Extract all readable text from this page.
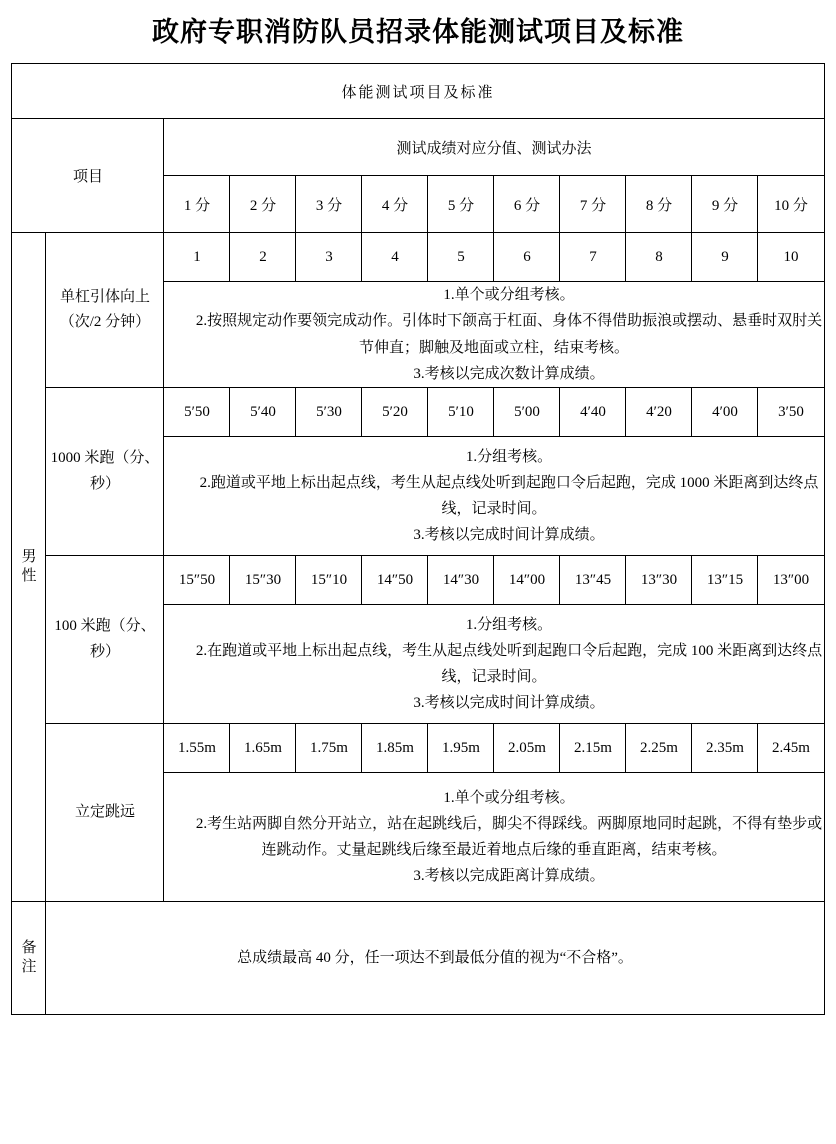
政府专职消防队员招录体能测试项目及标准
体能测试项目及标准											
项目		测试成绩对应分值、测试办法									
		1 分	2 分	3 分	4 分	5 分	6 分	7 分	8 分	9 分	10 分

男
性	单杠引体向上（次/2 分钟）	1	2	3	4	5	6	7	8	9	10

		1.单个或分组考核。

2.按照规定动作要领完成动作。引体时下颌高于杠面、身体不得借助振浪或摆动、悬垂时双肘关节伸直；脚触及地面或立柱，结束考核。

3.考核以完成次数计算成绩。									

	1000 米跑（分、秒）	5′50	5′40	5′30	5′20	5′10	5′00	4′40	4′20	4′00	3′50

		1.分组考核。

2.跑道或平地上标出起点线，考生从起点线处听到起跑口令后起跑，完成 1000 米距离到达终点线，记录时间。

3.考核以完成时间计算成绩。									

	100 米跑（分、秒）	15″50	15″30	15″10	14″50	14″30	14″00	13″45	13″30	13″15	13″00

		1.分组考核。

2.在跑道或平地上标出起点线，考生从起点线处听到起跑口令后起跑，完成 100 米距离到达终点线，记录时间。

3.考核以完成时间计算成绩。									

	立定跳远	1.55m	1.65m	1.75m	1.85m	1.95m	2.05m	2.15m	2.25m	2.35m	2.45m

		1.单个或分组考核。

2.考生站两脚自然分开站立，站在起跳线后，脚尖不得踩线。两脚原地同时起跳，不得有垫步或连跳动作。丈量起跳线后缘至最近着地点后缘的垂直距离，结束考核。

3.考核以完成距离计算成绩。									

备
注	总成绩最高 40 分，任一项达不到最低分值的视为“不合格”。										
